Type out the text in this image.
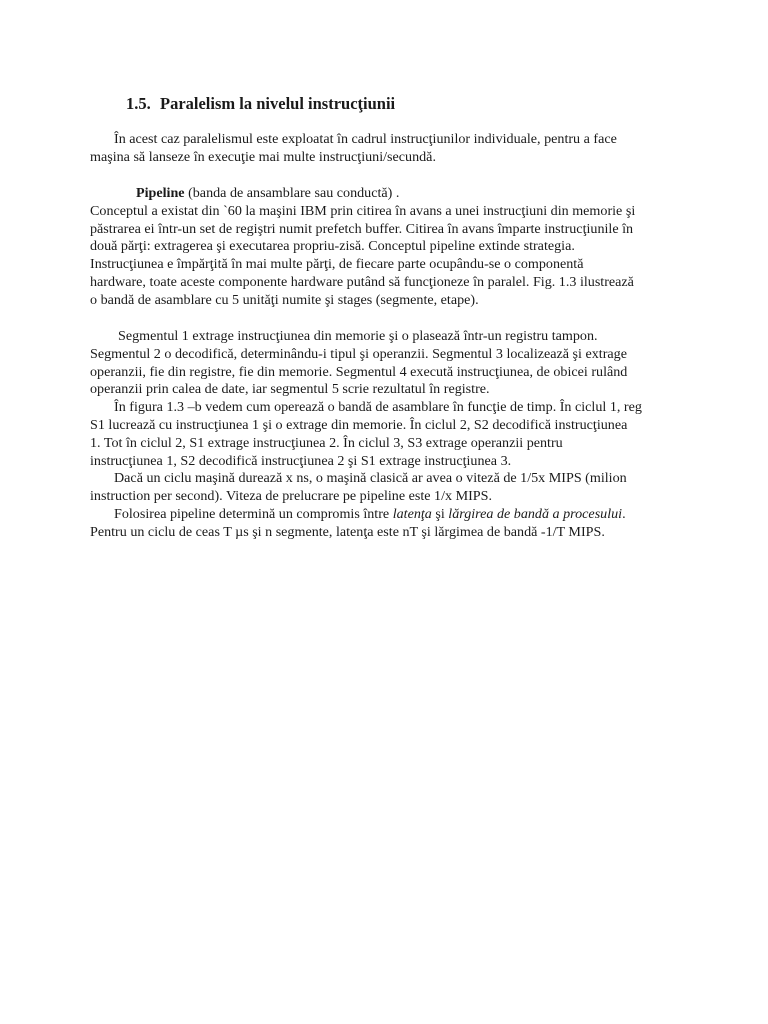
1.5. Paralelism la nivelul instrucţiunii
În acest caz paralelismul este exploatat în cadrul instrucţiunilor individuale, pentru a face
maşina să lanseze în execuţie mai multe instrucţiuni/secundă.
Pipeline (banda de ansamblare sau conductă) .
Conceptul a existat din `60 la maşini IBM prin citirea în avans a unei instrucţiuni din memorie şi
păstrarea ei într-un set de regiştri numit prefetch buffer. Citirea în avans împarte instrucţiunile în
două părţi: extragerea şi executarea propriu-zisă. Conceptul pipeline extinde strategia.
Instrucţiunea e împărţită în mai multe părţi, de fiecare parte ocupându-se o componentă
hardware, toate aceste componente hardware putând să funcţioneze în paralel. Fig. 1.3 ilustrează
o bandă de asamblare cu 5 unităţi numite şi stages (segmente, etape).
Segmentul 1 extrage instrucţiunea din memorie şi o plasează într-un registru tampon.
Segmentul 2 o decodifică, determinându-i tipul şi operanzii. Segmentul 3 localizează şi extrage
operanzii, fie din registre, fie din memorie. Segmentul 4 execută instrucţiunea, de obicei rulând
operanzii prin calea de date, iar segmentul 5 scrie rezultatul în registre.
În figura 1.3 –b vedem cum operează o bandă de asamblare în funcţie de timp. În ciclul 1, reg
S1 lucrează cu instrucţiunea 1 şi o extrage din memorie. În ciclul 2, S2 decodifică instrucţiunea
1. Tot în ciclul 2, S1 extrage instrucţiunea 2. În ciclul 3, S3 extrage operanzii pentru
instrucţiunea 1, S2 decodifică instrucţiunea 2 şi S1 extrage instrucţiunea 3.
Dacă un ciclu maşină durează x ns, o maşină clasică ar avea o viteză de 1/5x MIPS (milion
instruction per second). Viteza de prelucrare pe pipeline este 1/x MIPS.
Folosirea pipeline determină un compromis între latenţa şi lărgirea de bandă a procesului.
Pentru un ciclu de ceas T µs şi n segmente, latenţa este nT şi lărgimea de bandă -1/T MIPS.
